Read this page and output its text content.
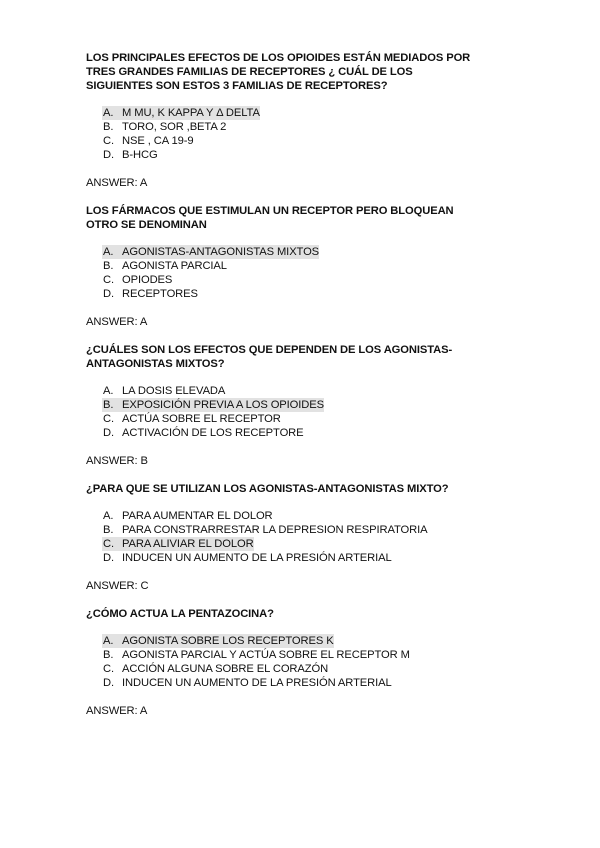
LOS PRINCIPALES EFECTOS DE LOS OPIOIDES ESTÁN MEDIADOS POR
TRES GRANDES FAMILIAS DE RECEPTORES ¿ CUÁL DE LOS
SIGUIENTES SON ESTOS 3 FAMILIAS DE RECEPTORES?

A. Μ MU, Κ KAPPA Y Δ DELTA
B. TORO, SOR ,BETA 2
C. NSE , CA 19-9
D. B-HCG

ANSWER: A

LOS FÁRMACOS QUE ESTIMULAN UN RECEPTOR PERO BLOQUEAN
OTRO SE DENOMINAN

A. AGONISTAS-ANTAGONISTAS MIXTOS
B. AGONISTA PARCIAL
C. OPIODES
D. RECEPTORES

ANSWER: A

¿CUÁLES SON LOS EFECTOS QUE DEPENDEN DE LOS AGONISTAS-
ANTAGONISTAS MIXTOS?

A. LA DOSIS ELEVADA
B. EXPOSICIÓN PREVIA A LOS OPIOIDES
C. ACTÚA SOBRE EL RECEPTOR
D. ACTIVACIÓN DE LOS RECEPTORE

ANSWER: B

¿PARA QUE SE UTILIZAN LOS AGONISTAS-ANTAGONISTAS MIXTO?

A. PARA AUMENTAR EL DOLOR
B. PARA CONSTRARRESTAR LA DEPRESION RESPIRATORIA
C. PARA ALIVIAR EL DOLOR
D. INDUCEN UN AUMENTO DE LA PRESIÓN ARTERIAL

ANSWER: C

¿CÓMO ACTUA LA PENTAZOCINA?

A. AGONISTA SOBRE LOS RECEPTORES Κ
B. AGONISTA PARCIAL Y ACTÚA SOBRE EL RECEPTOR Μ
C. ACCIÓN ALGUNA SOBRE EL CORAZÓN
D. INDUCEN UN AUMENTO DE LA PRESIÓN ARTERIAL

ANSWER: A
